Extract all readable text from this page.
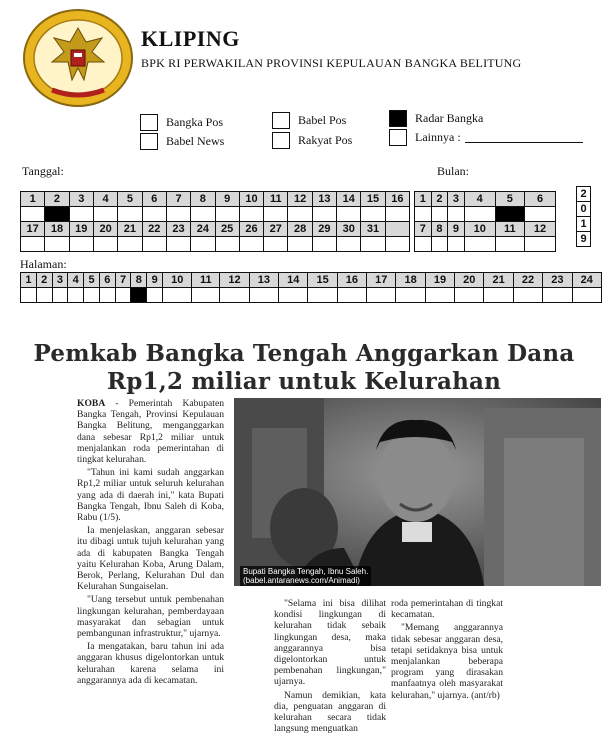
KLIPING
BPK RI PERWAKILAN PROVINSI KEPULAUAN BANGKA BELITUNG
Bangka Pos
Babel News
Babel Pos
Rakyat Pos
Radar Bangka
Lainnya :
Tanggal:
1	2	3	4	5	6	7	8	9	10	11	12	13	14	15	16

17	18	19	20	21	22	23	24	25	26	27	28	29	30	31	

Bulan:
1	2	3	4	5	6

7	8	9	10	11	12

2
0
1
9
Halaman:
1	2	3	4	5	6	7	8	9	10	11	12	13	14	15	16	17	18	19	20	21	22	23	24

Pemkab Bangka Tengah Anggarkan Dana
Rp1,2 miliar untuk Kelurahan

KOBA - Pemerintah Kabupaten Bangka Tengah, Provinsi Kepulauan Bangka Belitung, menganggarkan dana sebesar Rp1,2 miliar untuk menjalankan roda pemerintahan di tingkat kelurahan.

"Tahun ini kami sudah anggarkan Rp1,2 miliar untuk seluruh kelurahan yang ada di daerah ini," kata Bupati Bangka Tengah, Ibnu Saleh di Koba, Rabu (1/5).

Ia menjelaskan, anggaran sebesar itu dibagi untuk tujuh kelurahan yang ada di kabupaten Bangka Tengah yaitu Kelurahan Koba, Arung Dalam, Berok, Perlang, Kelurahan Dul dan Kelurahan Sungaiselan.

"Uang tersebut untuk pembenahan lingkungan kelurahan, pemberdayaan masyarakat dan sebagian untuk pembangunan infrastruktur," ujarnya.

Ia mengatakan, baru tahun ini ada anggaran khusus digelontorkan untuk kelurahan karena selama ini anggarannya ada di kecamatan.

Bupati Bangka Tengah, Ibnu Saleh.
(babel.antaranews.com/Animadi)

"Selama ini bisa dilihat kondisi lingkungan di kelurahan tidak sebaik lingkungan desa, maka anggarannya bisa digelontorkan untuk pembenahan lingkungan," ujarnya.

Namun demikian, kata dia, penguatan anggaran di kelurahan secara tidak langsung menguatkan

roda pemerintahan di tingkat kecamatan.

"Memang anggarannya tidak sebesar anggaran desa, tetapi setidaknya bisa untuk menjalankan beberapa program yang dirasakan manfaatnya oleh masyarakat kelurahan," ujarnya. (ant/rb)
